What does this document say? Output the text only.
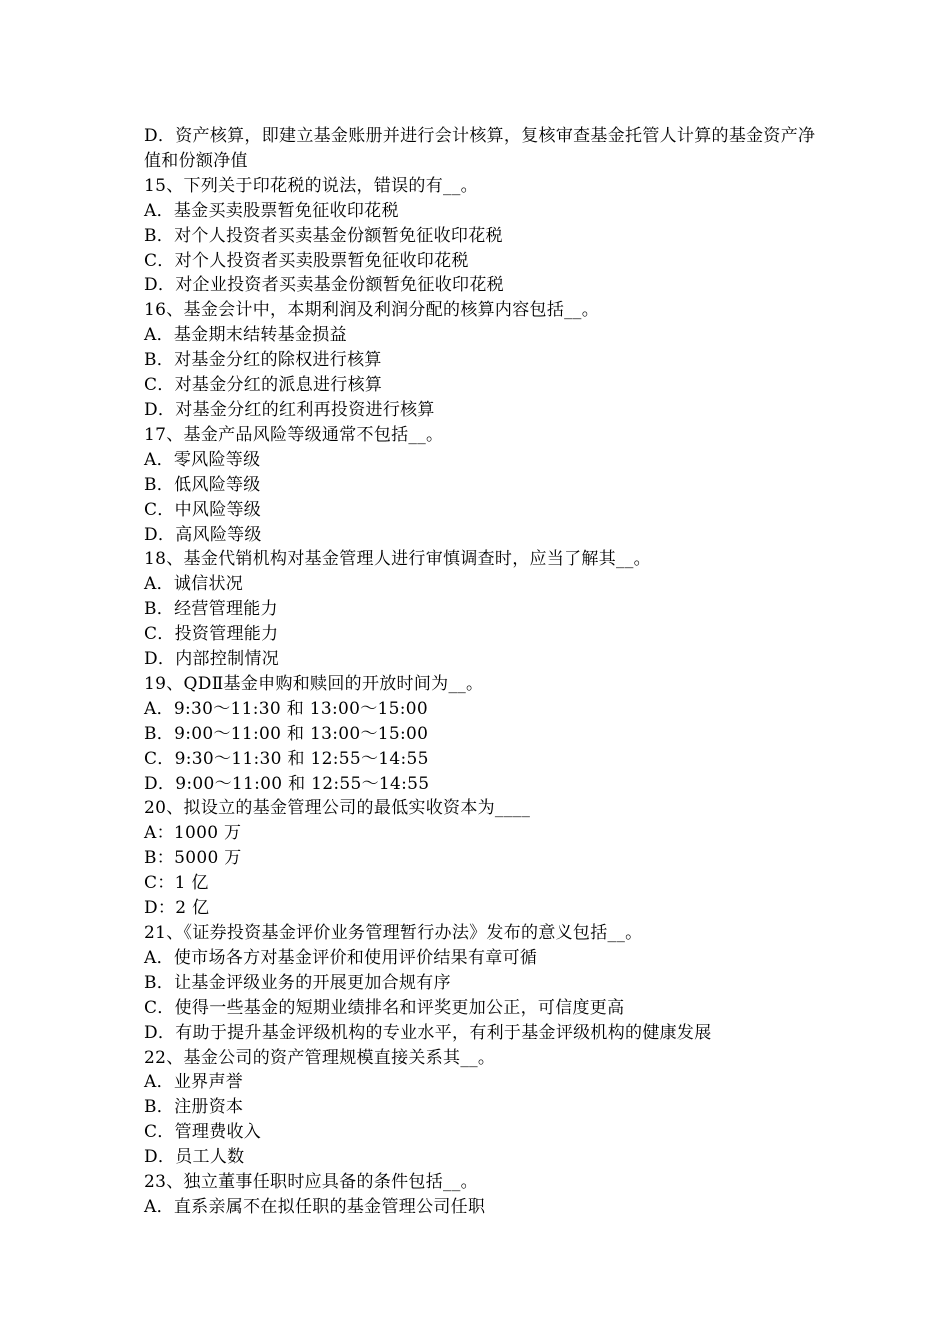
D．资产核算，即建立基金账册并进行会计核算，复核审查基金托管人计算的基金资产净值和份额净值
15、下列关于印花税的说法，错误的有__。
A．基金买卖股票暂免征收印花税
B．对个人投资者买卖基金份额暂免征收印花税
C．对个人投资者买卖股票暂免征收印花税
D．对企业投资者买卖基金份额暂免征收印花税
16、基金会计中，本期利润及利润分配的核算内容包括__。
A．基金期末结转基金损益
B．对基金分红的除权进行核算
C．对基金分红的派息进行核算
D．对基金分红的红利再投资进行核算
17、基金产品风险等级通常不包括__。
A．零风险等级
B．低风险等级
C．中风险等级
D．高风险等级
18、基金代销机构对基金管理人进行审慎调查时，应当了解其__。
A．诚信状况
B．经营管理能力
C．投资管理能力
D．内部控制情况
19、QDⅡ基金申购和赎回的开放时间为__。
A．9:30～11:30 和 13:00～15:00
B．9:00～11:00 和 13:00～15:00
C．9:30～11:30 和 12:55～14:55
D．9:00～11:00 和 12:55～14:55
20、拟设立的基金管理公司的最低实收资本为____
A：1000 万
B：5000 万
C：1 亿
D：2 亿
21、《证券投资基金评价业务管理暂行办法》发布的意义包括__。
A．使市场各方对基金评价和使用评价结果有章可循
B．让基金评级业务的开展更加合规有序
C．使得一些基金的短期业绩排名和评奖更加公正，可信度更高
D．有助于提升基金评级机构的专业水平，有利于基金评级机构的健康发展
22、基金公司的资产管理规模直接关系其__。
A．业界声誉
B．注册资本
C．管理费收入
D．员工人数
23、独立董事任职时应具备的条件包括__。
A．直系亲属不在拟任职的基金管理公司任职
